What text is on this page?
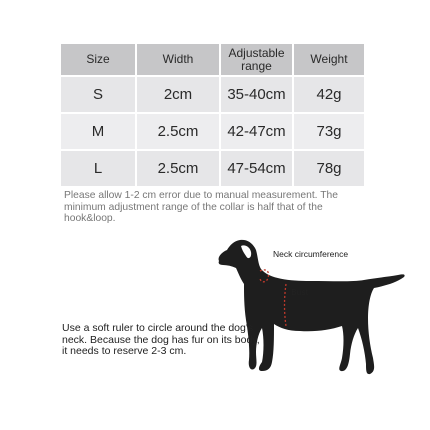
Size	Width	Adjustable range	Weight
S	2cm	35-40cm	42g
M	2.5cm	42-47cm	73g
L	2.5cm	47-54cm	78g
Please allow 1-2 cm error due to manual measurement. The minimum adjustment range of the collar is half that of the hook&loop.
Neck circumference
Bust
Use a soft ruler to circle around the dog's neck. Because the dog has fur on its body, it needs to reserve 2-3 cm.
